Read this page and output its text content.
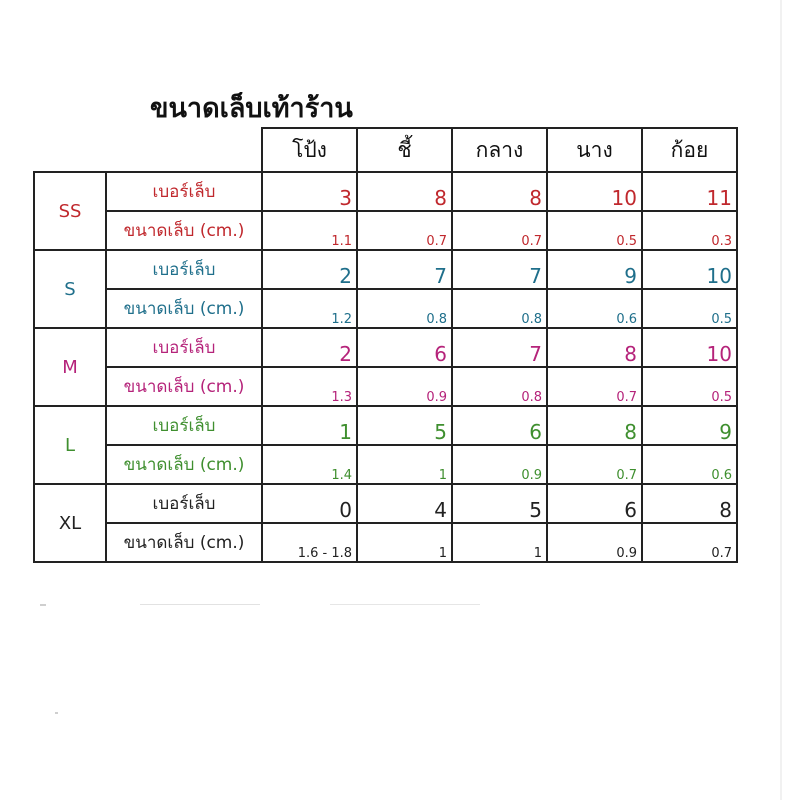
ขนาดเล็บเท้าร้าน
		โป้ง	ชี้	กลาง	นาง	ก้อย
SS	เบอร์เล็บ	3	8	8	10	11
	ขนาดเล็บ (cm.)	1.1	0.7	0.7	0.5	0.3
S	เบอร์เล็บ	2	7	7	9	10
	ขนาดเล็บ (cm.)	1.2	0.8	0.8	0.6	0.5
M	เบอร์เล็บ	2	6	7	8	10
	ขนาดเล็บ (cm.)	1.3	0.9	0.8	0.7	0.5
L	เบอร์เล็บ	1	5	6	8	9
	ขนาดเล็บ (cm.)	1.4	1	0.9	0.7	0.6
XL	เบอร์เล็บ	0	4	5	6	8
	ขนาดเล็บ (cm.)	1.6 - 1.8	1	1	0.9	0.7
